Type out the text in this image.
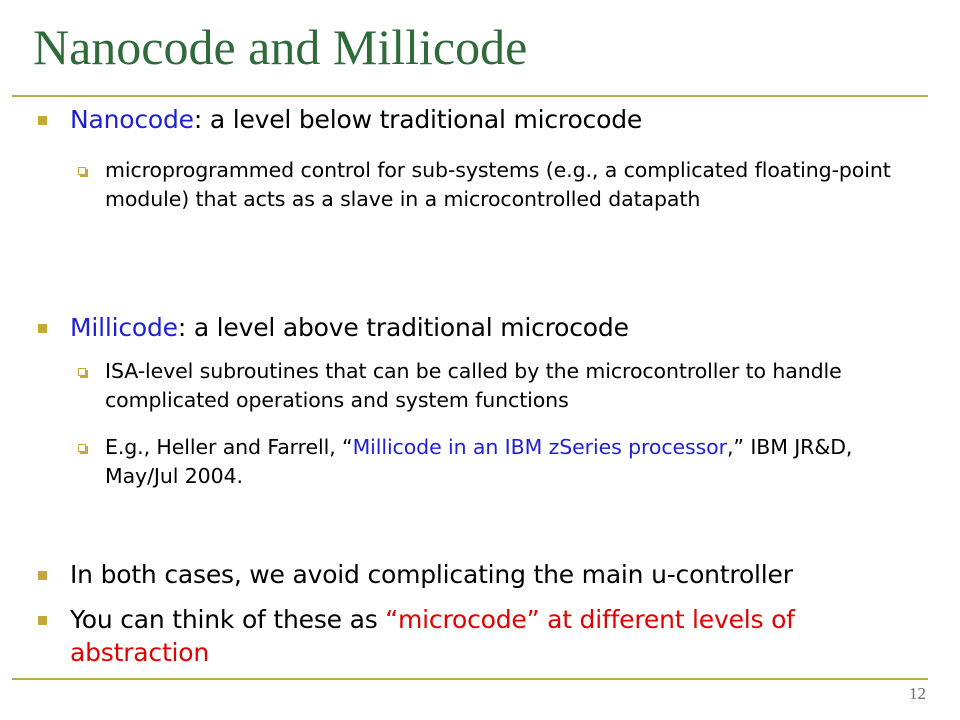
Nanocode and Millicode
Nanocode: a level below traditional microcode
microprogrammed control for sub-systems (e.g., a complicated floating-point module) that acts as a slave in a microcontrolled datapath
Millicode: a level above traditional microcode
ISA-level subroutines that can be called by the microcontroller to handle complicated operations and system functions
E.g., Heller and Farrell, “Millicode in an IBM zSeries processor,” IBM JR&D, May/Jul 2004.
In both cases, we avoid complicating the main u-controller
You can think of these as “microcode” at different levels of abstraction
12
